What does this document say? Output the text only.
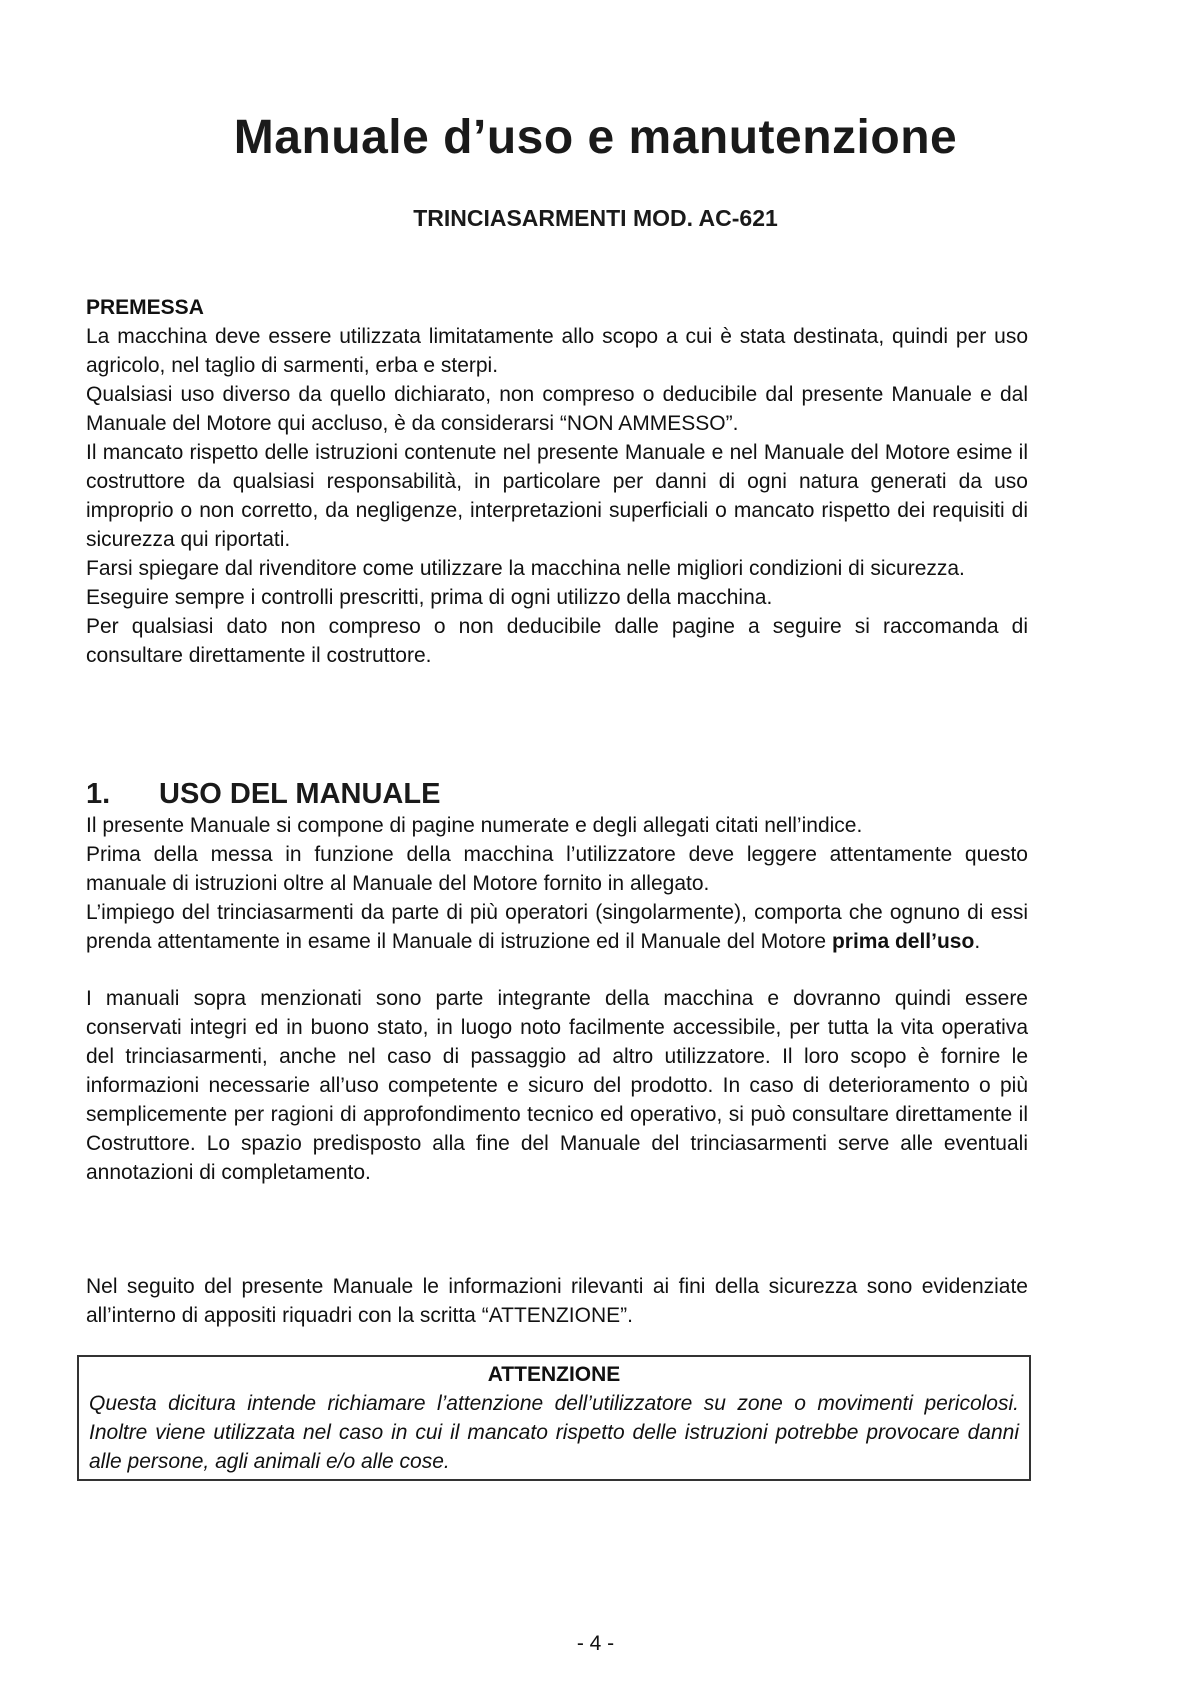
Manuale d’uso e manutenzione
TRINCIASARMENTI MOD. AC-621

PREMESSA

La macchina deve essere utilizzata limitatamente allo scopo a cui è stata destinata, quindi per uso agricolo, nel taglio di sarmenti, erba e sterpi.

Qualsiasi uso diverso da quello dichiarato, non compreso o deducibile dal presente Manuale e dal Manuale del Motore qui accluso, è da considerarsi “NON AMMESSO”.

Il mancato rispetto delle istruzioni contenute nel presente Manuale e nel Manuale del Motore esime il costruttore da qualsiasi responsabilità, in particolare per danni di ogni natura generati da uso improprio o non corretto, da negligenze, interpretazioni superficiali o mancato rispetto dei requisiti di sicurezza qui riportati.

Farsi spiegare dal rivenditore come utilizzare la macchina nelle migliori condizioni di sicurezza.

Eseguire sempre i controlli prescritti, prima di ogni utilizzo della macchina.

Per qualsiasi dato non compreso o non deducibile dalle pagine a seguire si raccomanda di consultare direttamente il costruttore.

1. USO DEL MANUALE

Il presente Manuale si compone di pagine numerate e degli allegati citati nell’indice.

Prima della messa in funzione della macchina l’utilizzatore deve leggere attentamente questo manuale di istruzioni oltre al Manuale del Motore fornito in allegato.

L’impiego del trinciasarmenti da parte di più operatori (singolarmente), comporta che ognuno di essi prenda attentamente in esame il Manuale di istruzione ed il Manuale del Motore prima dell’uso.

I manuali sopra menzionati sono parte integrante della macchina e dovranno quindi essere conservati integri ed in buono stato, in luogo noto facilmente accessibile, per tutta la vita operativa del trinciasarmenti, anche nel caso di passaggio ad altro utilizzatore. Il loro scopo è fornire le informazioni necessarie all’uso competente e sicuro del prodotto. In caso di deterioramento o più semplicemente per ragioni di approfondimento tecnico ed operativo, si può consultare direttamente il Costruttore. Lo spazio predisposto alla fine del Manuale del trinciasarmenti serve alle eventuali annotazioni di completamento.

Nel seguito del presente Manuale le informazioni rilevanti ai fini della sicurezza sono evidenziate all’interno di appositi riquadri con la scritta “ATTENZIONE”.

ATTENZIONE

Questa dicitura intende richiamare l’attenzione dell’utilizzatore su zone o movimenti pericolosi. Inoltre viene utilizzata nel caso in cui il mancato rispetto delle istruzioni potrebbe provocare danni alle persone, agli animali e/o alle cose.

- 4 -
